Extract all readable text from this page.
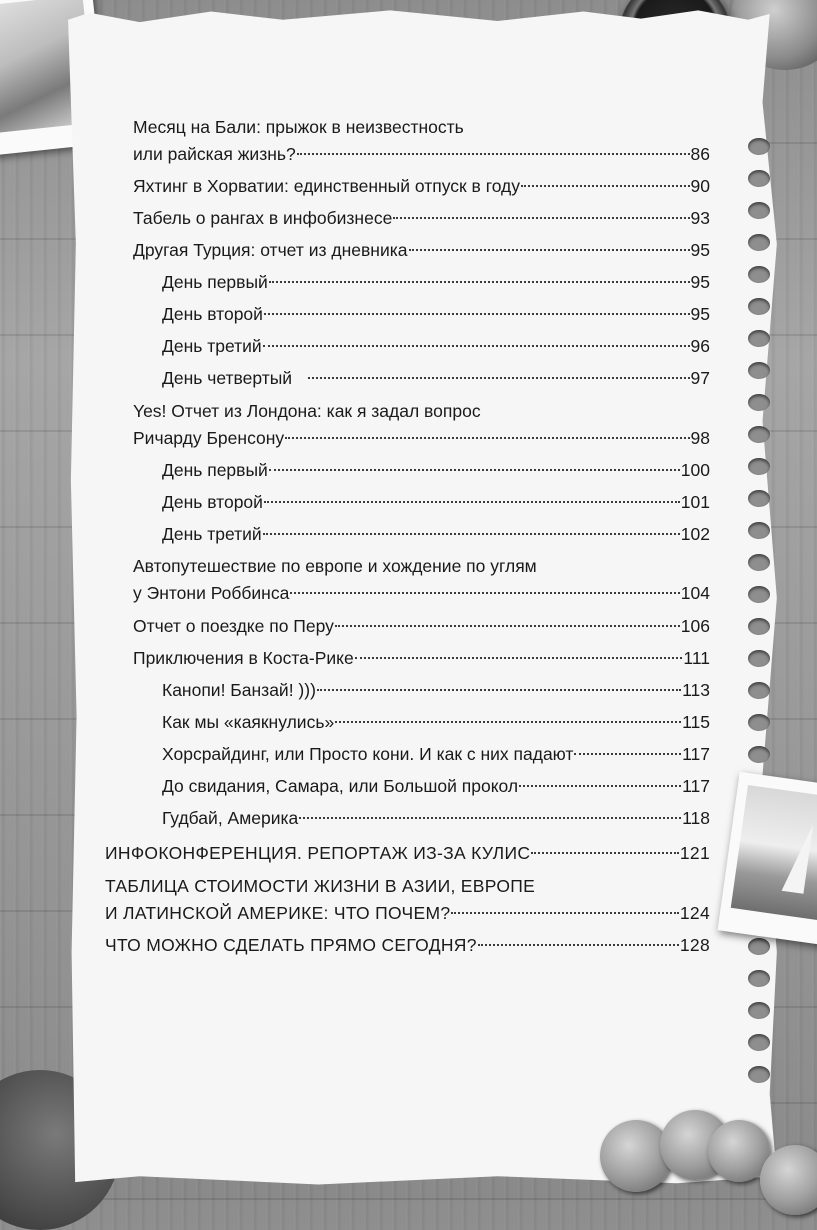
Месяц на Бали: прыжок в неизвестность
или райская жизнь?	86
Яхтинг в Хорватии: единственный отпуск в году	90
Табель о рангах в инфобизнесе	93
Другая Турция: отчет из дневника	95
День первый	95
День второй	95
День третий	96
День четвертый	97
Yes! Отчет из Лондона: как я задал вопрос
Ричарду Бренсону	98
День первый	100
День второй	101
День третий	102
Автопутешествие по европе и хождение по углям
у Энтони Роббинса	104
Отчет о поездке по Перу	106
Приключения в Коста-Рике	111
Канопи! Банзай! )))	113
Как мы «каякнулись»	115
Хорсрайдинг, или Просто кони. И как с них падают	117
До свидания, Самара, или Большой прокол	117
Гудбай, Америка	118
ИНФОКОНФЕРЕНЦИЯ. РЕПОРТАЖ ИЗ-ЗА КУЛИС	121
ТАБЛИЦА СТОИМОСТИ ЖИЗНИ В АЗИИ, ЕВРОПЕ
И ЛАТИНСКОЙ АМЕРИКЕ: ЧТО ПОЧЕМ?	124
ЧТО МОЖНО СДЕЛАТЬ ПРЯМО СЕГОДНЯ?	128
